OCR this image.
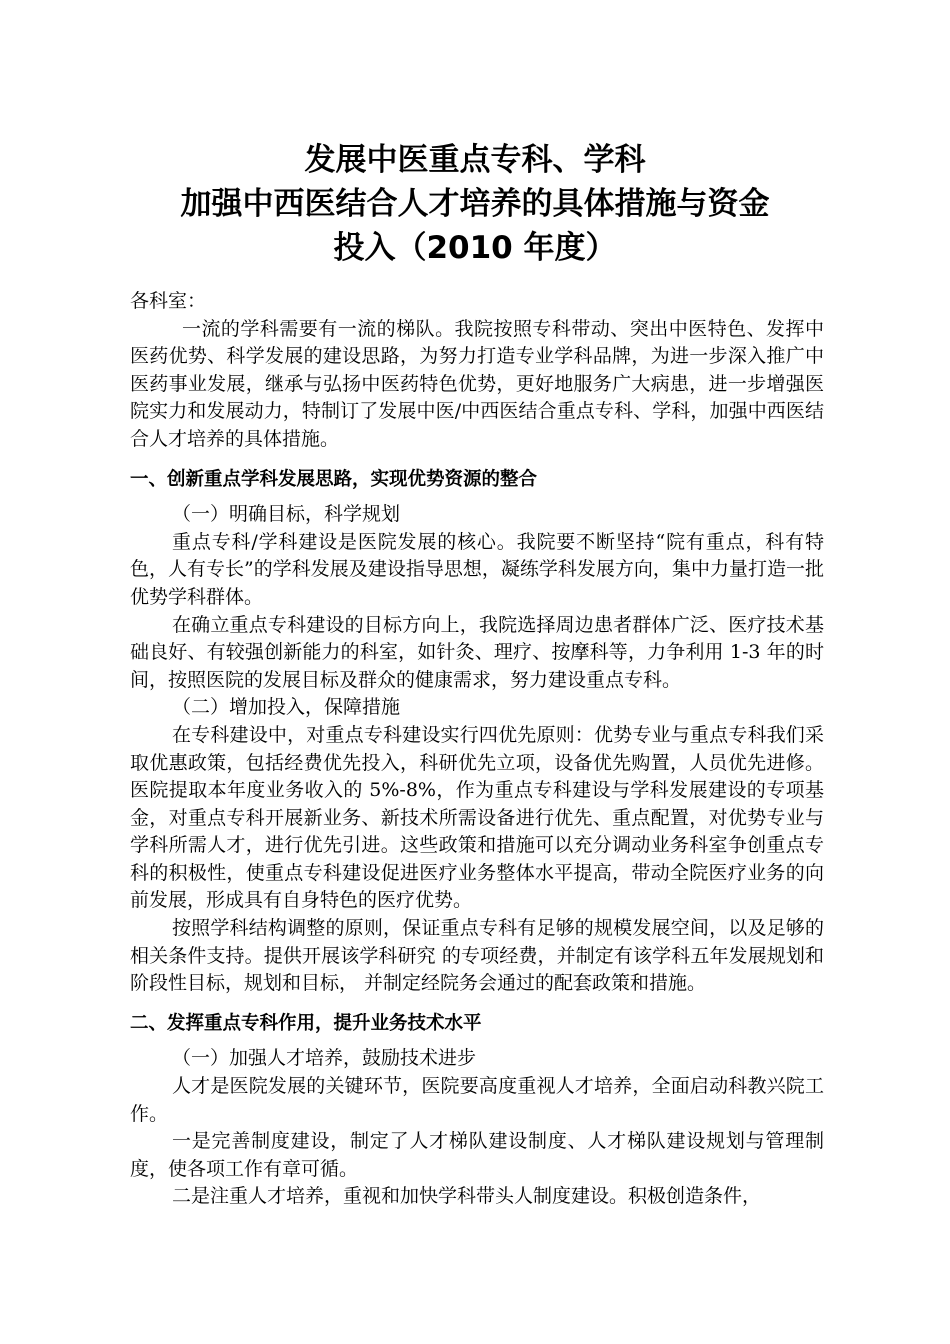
发展中医重点专科、学科
加强中西医结合人才培养的具体措施与资金
投入（2010 年度）

各科室：

一流的学科需要有一流的梯队。我院按照专科带动、突出中医特色、发挥中医药优势、科学发展的建设思路，为努力打造专业学科品牌，为进一步深入推广中医药事业发展，继承与弘扬中医药特色优势，更好地服务广大病患，进一步增强医院实力和发展动力，特制订了发展中医/中西医结合重点专科、学科，加强中西医结合人才培养的具体措施。

一、创新重点学科发展思路，实现优势资源的整合

（一）明确目标，科学规划

重点专科/学科建设是医院发展的核心。我院要不断坚持“院有重点，科有特色，人有专长”的学科发展及建设指导思想，凝练学科发展方向，集中力量打造一批优势学科群体。

在确立重点专科建设的目标方向上，我院选择周边患者群体广泛、医疗技术基础良好、有较强创新能力的科室，如针灸、理疗、按摩科等，力争利用 1-3 年的时间，按照医院的发展目标及群众的健康需求，努力建设重点专科。

（二）增加投入，保障措施

在专科建设中，对重点专科建设实行四优先原则：优势专业与重点专科我们采取优惠政策，包括经费优先投入，科研优先立项，设备优先购置，人员优先进修。医院提取本年度业务收入的 5%-8%，作为重点专科建设与学科发展建设的专项基金，对重点专科开展新业务、新技术所需设备进行优先、重点配置，对优势专业与学科所需人才，进行优先引进。这些政策和措施可以充分调动业务科室争创重点专科的积极性，使重点专科建设促进医疗业务整体水平提高，带动全院医疗业务的向前发展，形成具有自身特色的医疗优势。

按照学科结构调整的原则，保证重点专科有足够的规模发展空间，以及足够的相关条件支持。提供开展该学科研究 的专项经费，并制定有该学科五年发展规划和阶段性目标，规划和目标， 并制定经院务会通过的配套政策和措施。

二、发挥重点专科作用，提升业务技术水平

（一）加强人才培养，鼓励技术进步

人才是医院发展的关键环节，医院要高度重视人才培养，全面启动科教兴院工作。

一是完善制度建设，制定了人才梯队建设制度、人才梯队建设规划与管理制度，使各项工作有章可循。

二是注重人才培养，重视和加快学科带头人制度建设。积极创造条件，
